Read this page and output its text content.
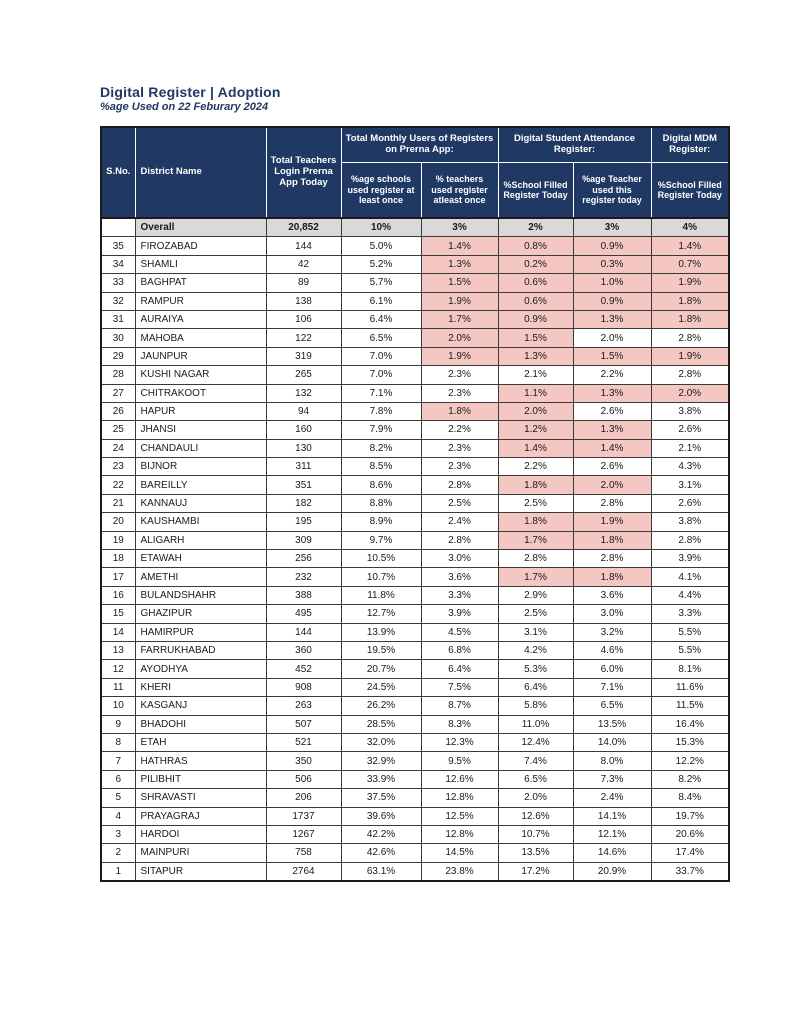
Digital Register | Adoption
%age Used on 22 Feburary 2024
S.No.	District Name	Total Teachers Login Prerna App Today	Total Monthly Users of Registers on Prerna App:		Digital Student Attendance Register:		Digital MDM Register:
			%age schools used register at least once	% teachers used register atleast once	%School Filled Register Today	%age Teacher used this register today	%School Filled Register Today
	Overall	20,852	10%	3%	2%	3%	4%
35	FIROZABAD	144	5.0%	1.4%	0.8%	0.9%	1.4%
34	SHAMLI	42	5.2%	1.3%	0.2%	0.3%	0.7%
33	BAGHPAT	89	5.7%	1.5%	0.6%	1.0%	1.9%
32	RAMPUR	138	6.1%	1.9%	0.6%	0.9%	1.8%
31	AURAIYA	106	6.4%	1.7%	0.9%	1.3%	1.8%
30	MAHOBA	122	6.5%	2.0%	1.5%	2.0%	2.8%
29	JAUNPUR	319	7.0%	1.9%	1.3%	1.5%	1.9%
28	KUSHI NAGAR	265	7.0%	2.3%	2.1%	2.2%	2.8%
27	CHITRAKOOT	132	7.1%	2.3%	1.1%	1.3%	2.0%
26	HAPUR	94	7.8%	1.8%	2.0%	2.6%	3.8%
25	JHANSI	160	7.9%	2.2%	1.2%	1.3%	2.6%
24	CHANDAULI	130	8.2%	2.3%	1.4%	1.4%	2.1%
23	BIJNOR	311	8.5%	2.3%	2.2%	2.6%	4.3%
22	BAREILLY	351	8.6%	2.8%	1.8%	2.0%	3.1%
21	KANNAUJ	182	8.8%	2.5%	2.5%	2.8%	2.6%
20	KAUSHAMBI	195	8.9%	2.4%	1.8%	1.9%	3.8%
19	ALIGARH	309	9.7%	2.8%	1.7%	1.8%	2.8%
18	ETAWAH	256	10.5%	3.0%	2.8%	2.8%	3.9%
17	AMETHI	232	10.7%	3.6%	1.7%	1.8%	4.1%
16	BULANDSHAHR	388	11.8%	3.3%	2.9%	3.6%	4.4%
15	GHAZIPUR	495	12.7%	3.9%	2.5%	3.0%	3.3%
14	HAMIRPUR	144	13.9%	4.5%	3.1%	3.2%	5.5%
13	FARRUKHABAD	360	19.5%	6.8%	4.2%	4.6%	5.5%
12	AYODHYA	452	20.7%	6.4%	5.3%	6.0%	8.1%
11	KHERI	908	24.5%	7.5%	6.4%	7.1%	11.6%
10	KASGANJ	263	26.2%	8.7%	5.8%	6.5%	11.5%
9	BHADOHI	507	28.5%	8.3%	11.0%	13.5%	16.4%
8	ETAH	521	32.0%	12.3%	12.4%	14.0%	15.3%
7	HATHRAS	350	32.9%	9.5%	7.4%	8.0%	12.2%
6	PILIBHIT	506	33.9%	12.6%	6.5%	7.3%	8.2%
5	SHRAVASTI	206	37.5%	12.8%	2.0%	2.4%	8.4%
4	PRAYAGRAJ	1737	39.6%	12.5%	12.6%	14.1%	19.7%
3	HARDOI	1267	42.2%	12.8%	10.7%	12.1%	20.6%
2	MAINPURI	758	42.6%	14.5%	13.5%	14.6%	17.4%
1	SITAPUR	2764	63.1%	23.8%	17.2%	20.9%	33.7%
